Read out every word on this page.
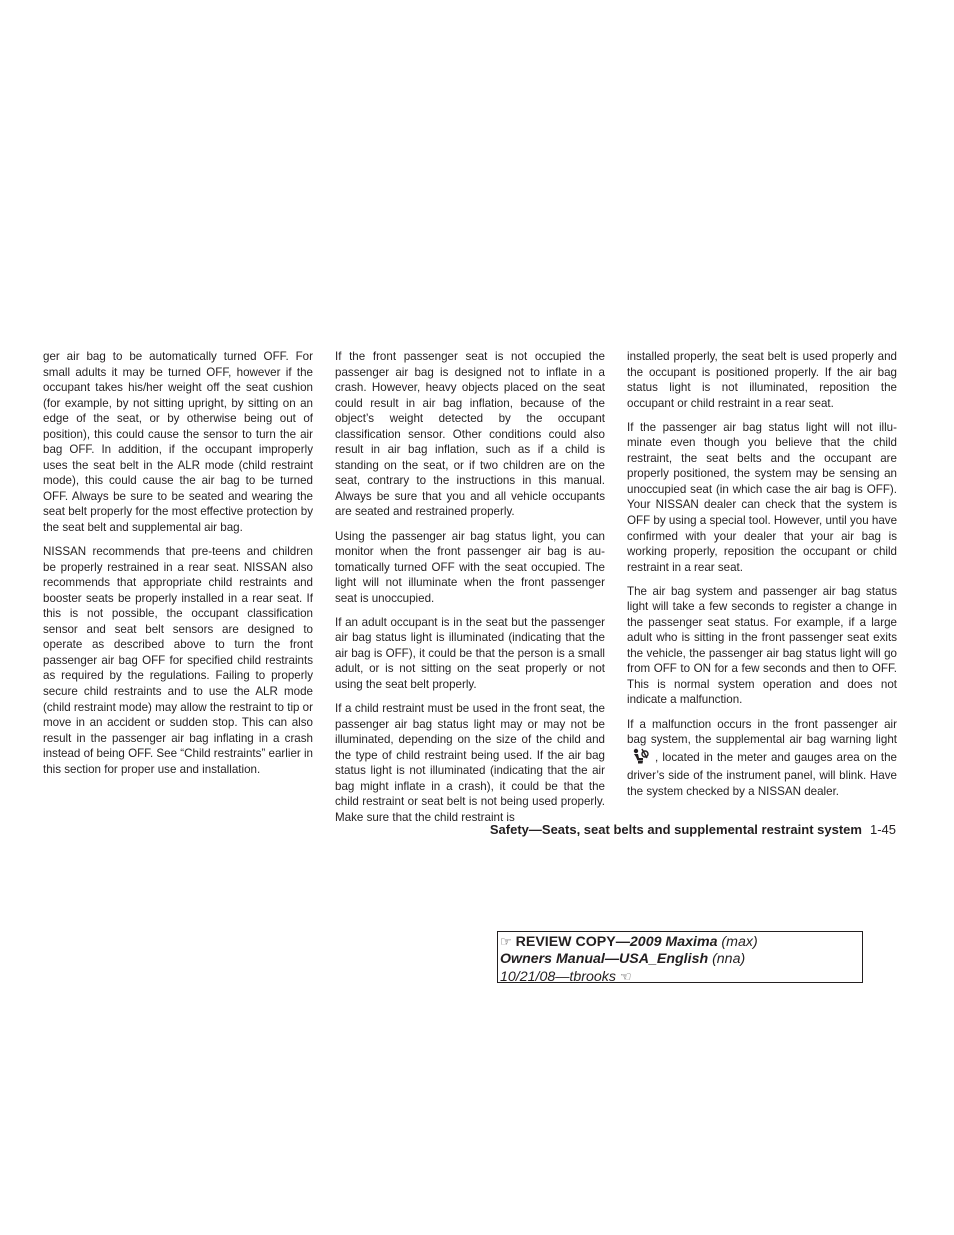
ger air bag to be automatically turned OFF. For small adults it may be turned OFF, however if the occupant takes his/her weight off the seat cushion (for example, by not sitting upright, by sitting on an edge of the seat, or by otherwise being out of position), this could cause the sensor to turn the air bag OFF. In addition, if the occupant improperly uses the seat belt in the ALR mode (child restraint mode), this could cause the air bag to be turned OFF. Always be sure to be seated and wearing the seat belt properly for the most effective protection by the seat belt and supplemental air bag.

NISSAN recommends that pre-teens and children be properly restrained in a rear seat. NISSAN also recommends that appropriate child restraints and booster seats be properly installed in a rear seat. If this is not possible, the occupant classification sensor and seat belt sensors are designed to operate as described above to turn the front passenger air bag OFF for specified child restraints as required by the regulations. Failing to properly secure child restraints and to use the ALR mode (child restraint mode) may allow the restraint to tip or move in an accident or sudden stop. This can also result in the passenger air bag inflating in a crash instead of being OFF. See “Child restraints” earlier in this section for proper use and installation.

If the front passenger seat is not occupied the passenger air bag is designed not to inflate in a crash. However, heavy objects placed on the seat could result in air bag inflation, because of the object’s weight detected by the occupant classification sensor. Other conditions could also result in air bag inflation, such as if a child is standing on the seat, or if two children are on the seat, contrary to the instructions in this manual. Always be sure that you and all vehicle occupants are seated and restrained properly.

Using the passenger air bag status light, you can monitor when the front passenger air bag is automatically turned OFF with the seat occupied. The light will not illuminate when the front passenger seat is unoccupied.

If an adult occupant is in the seat but the passenger air bag status light is illuminated (indicating that the air bag is OFF), it could be that the person is a small adult, or is not sitting on the seat properly or not using the seat belt properly.

If a child restraint must be used in the front seat, the passenger air bag status light may or may not be illuminated, depending on the size of the child and the type of child restraint being used. If the air bag status light is not illuminated (indicating that the air bag might inflate in a crash), it could be that the child restraint or seat belt is not being used properly. Make sure that the child restraint is

installed properly, the seat belt is used properly and the occupant is positioned properly. If the air bag status light is not illuminated, reposition the occupant or child restraint in a rear seat.

If the passenger air bag status light will not illuminate even though you believe that the child restraint, the seat belts and the occupant are properly positioned, the system may be sensing an unoccupied seat (in which case the air bag is OFF). Your NISSAN dealer can check that the system is OFF by using a special tool. However, until you have confirmed with your dealer that your air bag is working properly, reposition the occupant or child restraint in a rear seat.

The air bag system and passenger air bag status light will take a few seconds to register a change in the passenger seat status. For example, if a large adult who is sitting in the front passenger seat exits the vehicle, the passenger air bag status light will go from OFF to ON for a few seconds and then to OFF. This is normal system operation and does not indicate a malfunction.

If a malfunction occurs in the front passenger air bag system, the supplemental air bag warning light, located in the meter and gauges area on the driver’s side of the instrument panel, will blink. Have the system checked by a NISSAN dealer.

Safety—Seats, seat belts and supplemental restraint system 1-45
☞ REVIEW COPY—2009 Maxima (max)
Owners Manual—USA_English (nna)
10/21/08—tbrooks ☜
